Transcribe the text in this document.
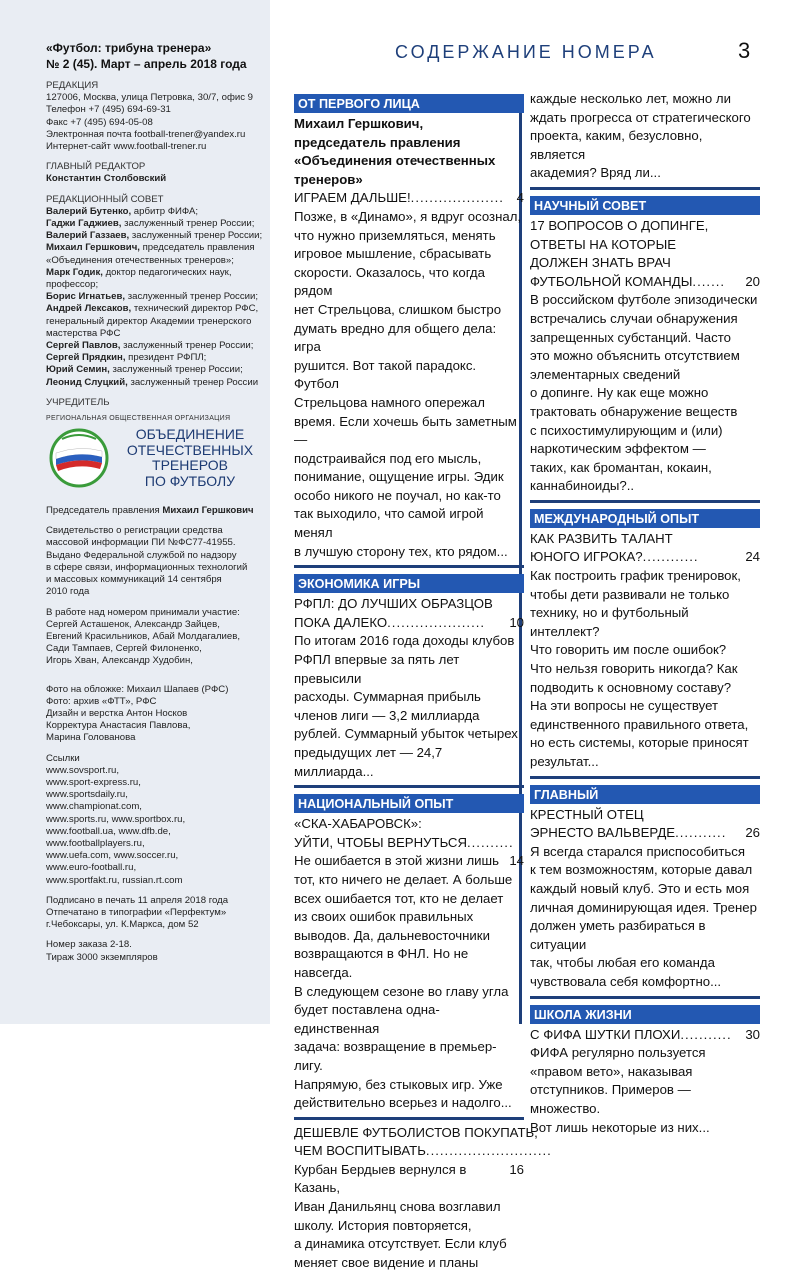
«Футбол: трибуна тренера»
№ 2 (45). Март – апрель 2018 года
РЕДАКЦИЯ
127006, Москва, улица Петровка, 30/7, офис 9
Телефон +7 (495) 694-69-31
Факс +7 (495) 694-05-08
Электронная почта football-trener@yandex.ru
Интернет-сайт www.football-trener.ru
ГЛАВНЫЙ РЕДАКТОР
Константин Столбовский
РЕДАКЦИОННЫЙ СОВЕТ
Валерий Бутенко, арбитр ФИФА;
Гаджи Гаджиев, заслуженный тренер России;
Валерий Газзаев, заслуженный тренер России;
Михаил Гершкович, председатель правления
«Объединения отечественных тренеров»;
Марк Годик, доктор педагогических наук,
профессор;
Борис Игнатьев, заслуженный тренер России;
Андрей Лексаков, технический директор РФС,
генеральный директор Академии тренерского
мастерства РФС
Сергей Павлов, заслуженный тренер России;
Сергей Прядкин, президент РФПЛ;
Юрий Семин, заслуженный тренер России;
Леонид Слуцкий, заслуженный тренер России
УЧРЕДИТЕЛЬ
РЕГИОНАЛЬНАЯ ОБЩЕСТВЕННАЯ ОРГАНИЗАЦИЯ
ОБЪЕДИНЕНИЕ
ОТЕЧЕСТВЕННЫХ
ТРЕНЕРОВ
ПО ФУТБОЛУ
Председатель правления Михаил Гершкович
Свидетельство о регистрации средства
массовой информации ПИ №ФС77-41955.
Выдано Федеральной службой по надзору
в сфере связи, информационных технологий
и массовых коммуникаций 14 сентября
2010 года
В работе над номером принимали участие:
Сергей Асташенок, Александр Зайцев,
Евгений Красильников, Абай Молдагалиев,
Сади Тампаев, Сергей Филоненко,
Игорь Хван, Александр Худобин,
Фото на обложке: Михаил Шапаев (РФС)
Фото: архив «ФТТ», РФС
Дизайн и верстка Антон Носков
Корректура Анастасия Павлова,
Марина Голованова
Ссылки
www.sovsport.ru,
www.sport-express.ru,
www.sportsdaily.ru,
www.championat.com,
www.sports.ru, www.sportbox.ru,
www.football.ua, www.dfb.de,
www.footballplayers.ru,
www.uefa.com, www.soccer.ru,
www.euro-football.ru,
www.sportfakt.ru, russian.rt.com
Подписано в печать 11 апреля 2018 года
Отпечатано в типографии «Перфектум»
г.Чебоксары, ул. К.Маркса, дом 52
Номер заказа 2-18.
Тираж 3000 экземпляров
СОДЕРЖАНИЕ НОМЕРА	3
ОТ ПЕРВОГО ЛИЦА
Михаил Гершкович,
председатель правления
«Объединения отечественных
тренеров»
ИГРАЕМ ДАЛЬШЕ!.................... 4
Позже, в «Динамо», я вдруг осознал,
что нужно приземляться, менять
игровое мышление, сбрасывать
скорости. Оказалось, что когда рядом
нет Стрельцова, слишком быстро
думать вредно для общего дела: игра
рушится. Вот такой парадокс. Футбол
Стрельцова намного опережал
время. Если хочешь быть заметным —
подстраивайся под его мысль,
понимание, ощущение игры. Эдик
особо никого не поучал, но как-то
так выходило, что самой игрой менял
в лучшую сторону тех, кто рядом...
ЭКОНОМИКА ИГРЫ
РФПЛ: ДО ЛУЧШИХ ОБРАЗЦОВ
ПОКА ДАЛЕКО..................... 10
По итогам 2016 года доходы клубов
РФПЛ впервые за пять лет превысили
расходы. Суммарная прибыль
членов лиги — 3,2 миллиарда
рублей. Суммарный убыток четырех
предыдущих лет — 24,7 миллиарда...
НАЦИОНАЛЬНЫЙ ОПЫТ
«СКА-ХАБАРОВСК»:
УЙТИ, ЧТОБЫ ВЕРНУТЬСЯ..........
14
Не ошибается в этой жизни лишь
тот, кто ничего не делает. А больше
всех ошибается тот, кто не делает
из своих ошибок правильных
выводов. Да, дальневосточники
возвращаются в ФНЛ. Но не навсегда.
В следующем сезоне во главу угла
будет поставлена одна-единственная
задача: возвращение в премьер-лигу.
Напрямую, без стыковых игр. Уже
действительно всерьез и надолго...
ДЕШЕВЛЕ ФУТБОЛИСТОВ ПОКУПАТЬ,
ЧЕМ ВОСПИТЫВАТЬ...........................
16
Курбан Бердыев вернулся в Казань,
Иван Данильянц снова возглавил
школу. История повторяется,
а динамика отсутствует. Если клуб
меняет свое видение и планы
каждые несколько лет, можно ли
ждать прогресса от стратегического
проекта, каким, безусловно, является
академия? Вряд ли...
НАУЧНЫЙ СОВЕТ
17 ВОПРОСОВ О ДОПИНГЕ,
ОТВЕТЫ НА КОТОРЫЕ
ДОЛЖЕН ЗНАТЬ ВРАЧ
ФУТБОЛЬНОЙ КОМАНДЫ....... 20
В российском футболе эпизодически
встречались случаи обнаружения
запрещенных субстанций. Часто
это можно объяснить отсутствием
элементарных сведений
о допинге. Ну как еще можно
трактовать обнаружение веществ
с психостимулирующим и (или)
наркотическим эффектом —
таких, как бромантан, кокаин,
каннабиноиды?..
МЕЖДУНАРОДНЫЙ ОПЫТ
КАК РАЗВИТЬ ТАЛАНТ
ЮНОГО ИГРОКА?............	24
Как построить график тренировок,
чтобы дети развивали не только
технику, но и футбольный интеллект?
Что говорить им после ошибок?
Что нельзя говорить никогда? Как
подводить к основному составу?
На эти вопросы не существует
единственного правильного ответа,
но есть системы, которые приносят
результат...
ГЛАВНЫЙ
КРЕСТНЫЙ ОТЕЦ
ЭРНЕСТО ВАЛЬВЕРДЕ........... 26
Я всегда старался приспособиться
к тем возможностям, которые давал
каждый новый клуб. Это и есть моя
личная доминирующая идея. Тренер
должен уметь разбираться в ситуации
так, чтобы любая его команда
чувствовала себя комфортно...
ШКОЛА ЖИЗНИ
С ФИФА ШУТКИ ПЛОХИ........... 30
ФИФА регулярно пользуется
«правом вето», наказывая
отступников. Примеров — множество.
Вот лишь некоторые из них...
